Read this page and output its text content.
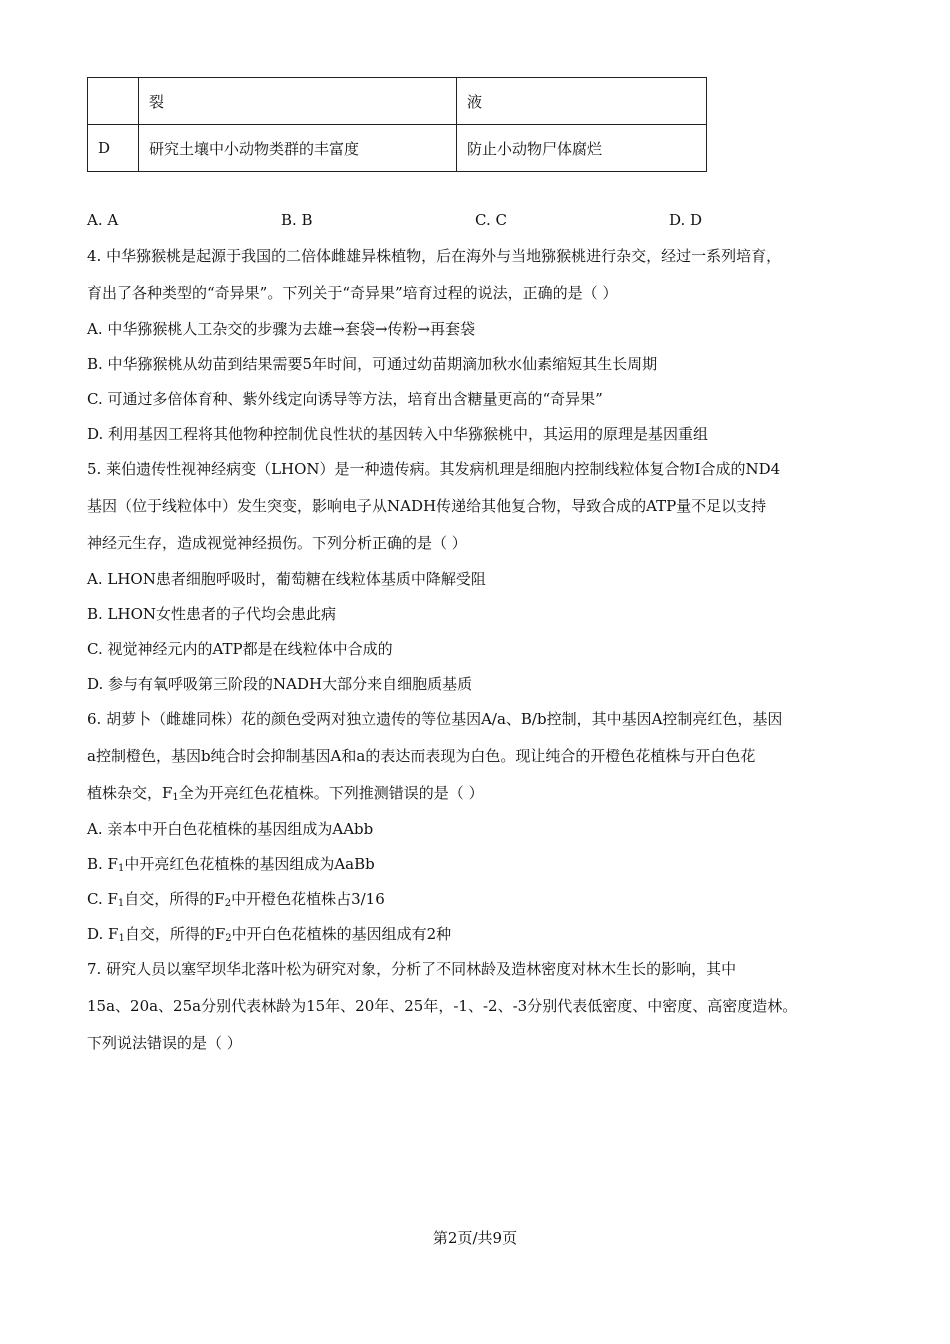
	裂	液
D	研究土壤中小动物类群的丰富度	防止小动物尸体腐烂
A. A	B. B	C. C	D. D
4. 中华猕猴桃是起源于我国的二倍体雌雄异株植物，后在海外与当地猕猴桃进行杂交，经过一系列培育，
育出了各种类型的“奇异果”。下列关于“奇异果”培育过程的说法，正确的是（ ）
A. 中华猕猴桃人工杂交的步骤为去雄→套袋→传粉→再套袋
B. 中华猕猴桃从幼苗到结果需要5年时间，可通过幼苗期滴加秋水仙素缩短其生长周期
C. 可通过多倍体育种、紫外线定向诱导等方法，培育出含糖量更高的“奇异果”
D. 利用基因工程将其他物种控制优良性状的基因转入中华猕猴桃中，其运用的原理是基因重组
5. 莱伯遗传性视神经病变（LHON）是一种遗传病。其发病机理是细胞内控制线粒体复合物Ⅰ合成的ND4
基因（位于线粒体中）发生突变，影响电子从NADH传递给其他复合物，导致合成的ATP量不足以支持
神经元生存，造成视觉神经损伤。下列分析正确的是（ ）
A. LHON患者细胞呼吸时，葡萄糖在线粒体基质中降解受阻
B. LHON女性患者的子代均会患此病
C. 视觉神经元内的ATP都是在线粒体中合成的
D. 参与有氧呼吸第三阶段的NADH大部分来自细胞质基质
6. 胡萝卜（雌雄同株）花的颜色受两对独立遗传的等位基因A/a、B/b控制，其中基因A控制亮红色，基因
a控制橙色，基因b纯合时会抑制基因A和a的表达而表现为白色。现让纯合的开橙色花植株与开白色花
植株杂交，$F_1$全为开亮红色花植株。下列推测错误的是（ ）
A. 亲本中开白色花植株的基因组成为AAbb
B. $F_1$中开亮红色花植株的基因组成为AaBb
C. $F_1$自交，所得的$F_2$中开橙色花植株占3/16
D. $F_1$自交，所得的$F_2$中开白色花植株的基因组成有2种
7. 研究人员以塞罕坝华北落叶松为研究对象，分析了不同林龄及造林密度对林木生长的影响，其中
15a、20a、25a分别代表林龄为15年、20年、25年，-1、-2、-3分别代表低密度、中密度、高密度造林。
下列说法错误的是（ ）
第2页/共9页
